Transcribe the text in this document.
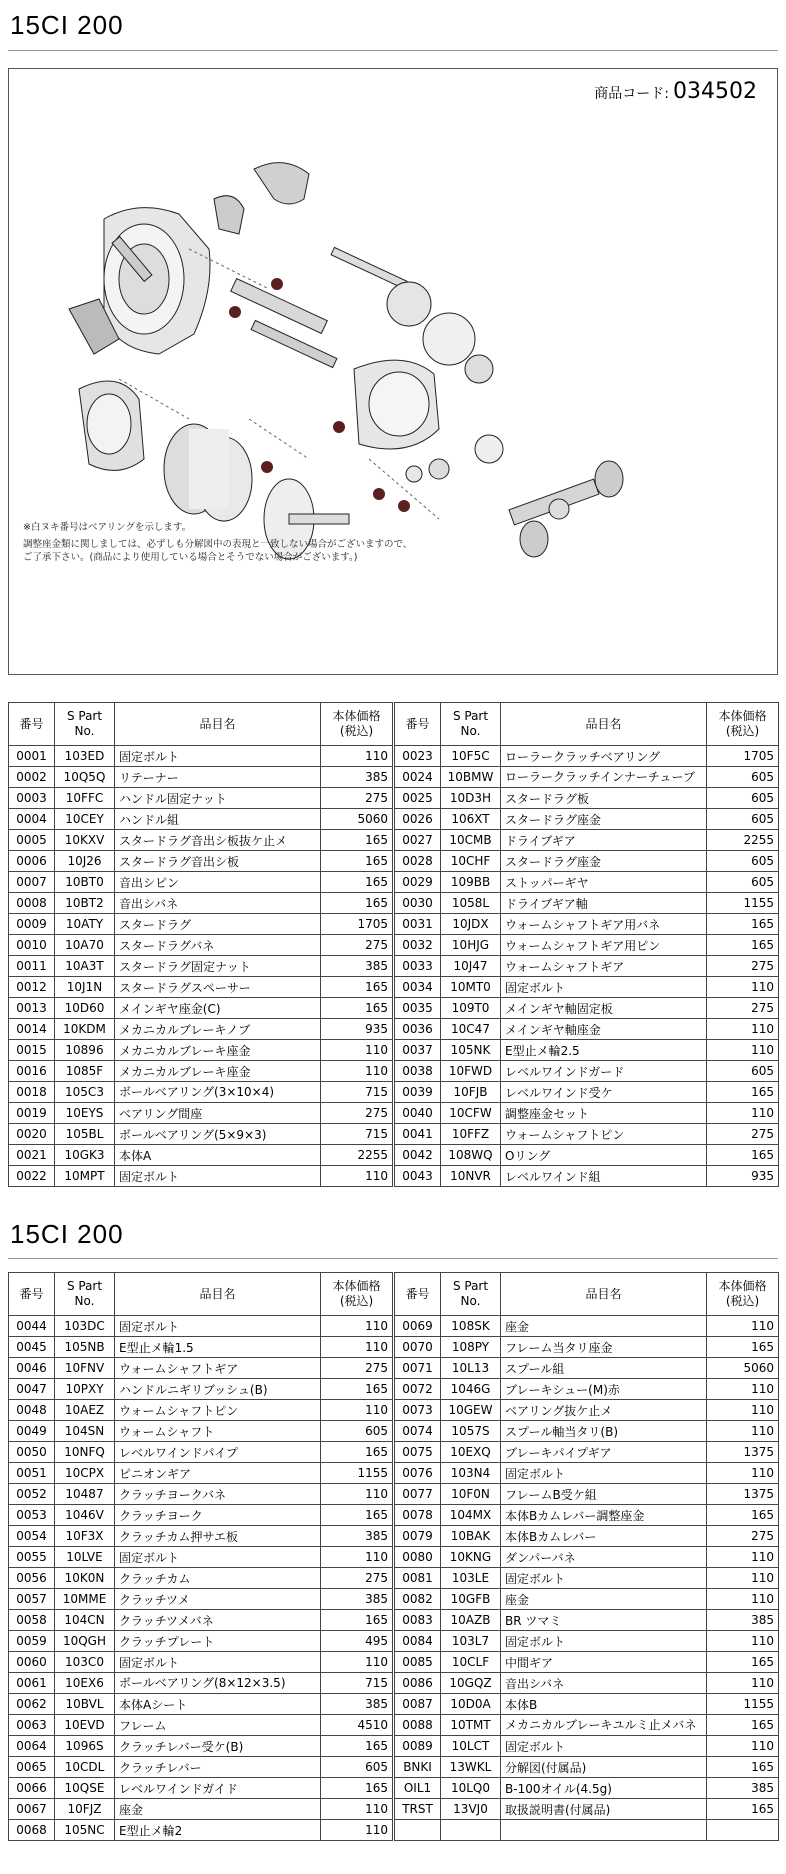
15CI 200
商品コード: 034502
※白ヌキ番号はベアリングを示します。
調整座金類に関しましては、必ずしも分解図中の表現と一致しない場合がございますので、
ご了承下さい。(商品により使用している場合とそうでない場合がございます。)
番号	S Part No.	品目名	本体価格(税込)
0001	103ED	固定ボルト	110
0002	10Q5Q	リテーナー	385
0003	10FFC	ハンドル固定ナット	275
0004	10CEY	ハンドル組	5060
0005	10KXV	スタードラグ音出シ板抜ケ止メ	165
0006	10J26	スタードラグ音出シ板	165
0007	10BT0	音出シピン	165
0008	10BT2	音出シバネ	165
0009	10ATY	スタードラグ	1705
0010	10A70	スタードラグバネ	275
0011	10A3T	スタードラグ固定ナット	385
0012	10J1N	スタードラグスペーサー	165
0013	10D60	メインギヤ座金(C)	165
0014	10KDM	メカニカルブレーキノブ	935
0015	10896	メカニカルブレーキ座金	110
0016	1085F	メカニカルブレーキ座金	110
0018	105C3	ボールベアリング(3×10×4)	715
0019	10EYS	ベアリング間座	275
0020	105BL	ボールベアリング(5×9×3)	715
0021	10GK3	本体A	2255
0022	10MPT	固定ボルト	110
番号	S Part No.	品目名	本体価格(税込)
0023	10F5C	ローラークラッチベアリング	1705
0024	10BMW	ローラークラッチインナーチューブ	605
0025	10D3H	スタードラグ板	605
0026	106XT	スタードラグ座金	605
0027	10CMB	ドライブギア	2255
0028	10CHF	スタードラグ座金	605
0029	109BB	ストッパーギヤ	605
0030	1058L	ドライブギア軸	1155
0031	10JDX	ウォームシャフトギア用バネ	165
0032	10HJG	ウォームシャフトギア用ピン	165
0033	10J47	ウォームシャフトギア	275
0034	10MT0	固定ボルト	110
0035	109T0	メインギヤ軸固定板	275
0036	10C47	メインギヤ軸座金	110
0037	105NK	E型止メ輪2.5	110
0038	10FWD	レベルワインドガード	605
0039	10FJB	レベルワインド受ケ	165
0040	10CFW	調整座金セット	110
0041	10FFZ	ウォームシャフトピン	275
0042	108WQ	Oリング	165
0043	10NVR	レベルワインド組	935
15CI 200
番号	S Part No.	品目名	本体価格(税込)
0044	103DC	固定ボルト	110
0045	105NB	E型止メ輪1.5	110
0046	10FNV	ウォームシャフトギア	275
0047	10PXY	ハンドルニギリブッシュ(B)	165
0048	10AEZ	ウォームシャフトピン	110
0049	104SN	ウォームシャフト	605
0050	10NFQ	レベルワインドパイプ	165
0051	10CPX	ピニオンギア	1155
0052	10487	クラッチヨークバネ	110
0053	1046V	クラッチヨーク	165
0054	10F3X	クラッチカム押サエ板	385
0055	10LVE	固定ボルト	110
0056	10K0N	クラッチカム	275
0057	10MME	クラッチツメ	385
0058	104CN	クラッチツメバネ	165
0059	10QGH	クラッチプレート	495
0060	103C0	固定ボルト	110
0061	10EX6	ボールベアリング(8×12×3.5)	715
0062	10BVL	本体Aシート	385
0063	10EVD	フレーム	4510
0064	1096S	クラッチレバー受ケ(B)	165
0065	10CDL	クラッチレバー	605
0066	10QSE	レベルワインドガイド	165
0067	10FJZ	座金	110
0068	105NC	E型止メ輪2	110
番号	S Part No.	品目名	本体価格(税込)
0069	108SK	座金	110
0070	108PY	フレーム当タリ座金	165
0071	10L13	スプール組	5060
0072	1046G	ブレーキシュー(M)赤	110
0073	10GEW	ベアリング抜ケ止メ	110
0074	1057S	スプール軸当タリ(B)	110
0075	10EXQ	ブレーキパイプギア	1375
0076	103N4	固定ボルト	110
0077	10F0N	フレームB受ケ組	1375
0078	104MX	本体Bカムレバー調整座金	165
0079	10BAK	本体Bカムレバー	275
0080	10KNG	ダンパーバネ	110
0081	103LE	固定ボルト	110
0082	10GFB	座金	110
0083	10AZB	BR ツマミ	385
0084	103L7	固定ボルト	110
0085	10CLF	中間ギア	165
0086	10GQZ	音出シバネ	110
0087	10D0A	本体B	1155
0088	10TMT	メカニカルブレーキユルミ止メバネ	165
0089	10LCT	固定ボルト	110
BNKI	13WKL	分解図(付属品)	165
OIL1	10LQ0	B-100オイル(4.5g)	385
TRST	13VJ0	取扱説明書(付属品)	165
